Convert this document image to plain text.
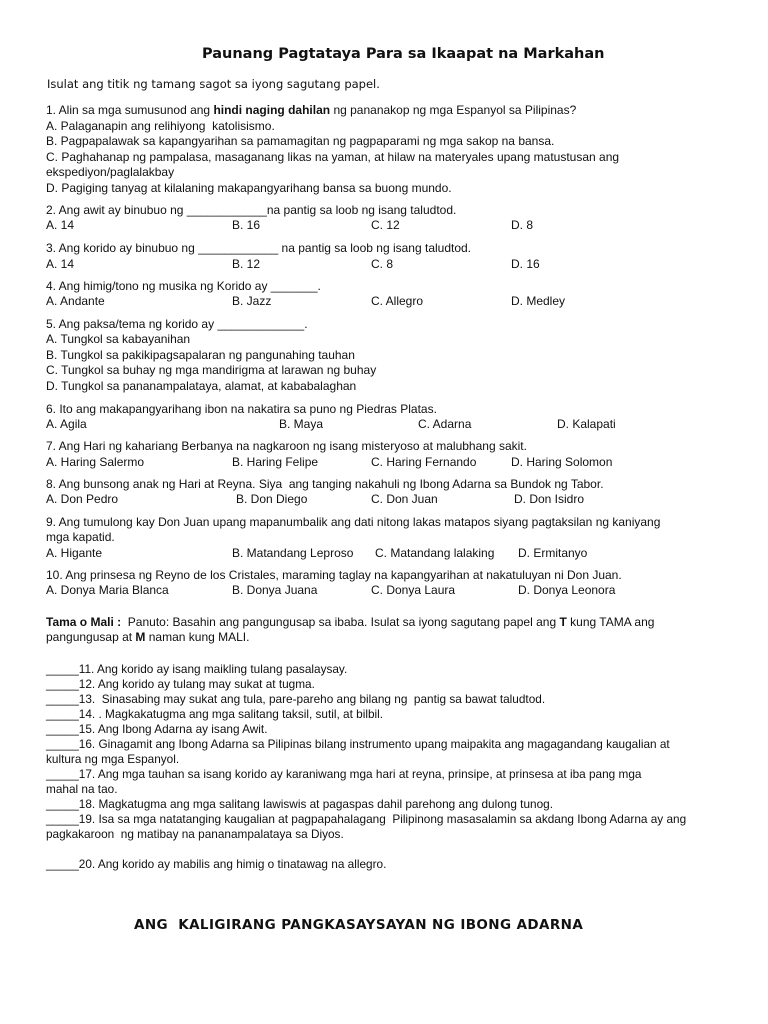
Paunang Pagtataya Para sa Ikaapat na Markahan
Isulat ang titik ng tamang sagot sa iyong sagutang papel.
1. Alin sa mga sumusunod ang hindi naging dahilan ng pananakop ng mga Espanyol sa Pilipinas?
A. Palaganapin ang relihiyong  katolisismo.
B. Pagpapalawak sa kapangyarihan sa pamamagitan ng pagpaparami ng mga sakop na bansa.
C. Paghahanap ng pampalasa, masaganang likas na yaman, at hilaw na materyales upang matustusan ang
ekspediyon/paglalakbay
D. Pagiging tanyag at kilalaning makapangyarihang bansa sa buong mundo.
2. Ang awit ay binubuo ng ____________na pantig sa loob ng isang taludtod.
A. 14	B. 16	C. 12	D. 8
3. Ang korido ay binubuo ng ____________ na pantig sa loob ng isang taludtod.
A. 14	B. 12	C. 8	D. 16
4. Ang himig/tono ng musika ng Korido ay _______.
A. Andante	B. Jazz	C. Allegro	D. Medley
5. Ang paksa/tema ng korido ay _____________.
A. Tungkol sa kabayanihan
B. Tungkol sa pakikipagsapalaran ng pangunahing tauhan
C. Tungkol sa buhay ng mga mandirigma at larawan ng buhay
D. Tungkol sa pananampalataya, alamat, at kababalaghan
6. Ito ang makapangyarihang ibon na nakatira sa puno ng Piedras Platas.
A. Agila	B. Maya	C. Adarna	D. Kalapati
7. Ang Hari ng kahariang Berbanya na nagkaroon ng isang misteryoso at malubhang sakit.
A. Haring Salermo	B. Haring Felipe	C. Haring Fernando	D. Haring Solomon
8. Ang bunsong anak ng Hari at Reyna. Siya  ang tanging nakahuli ng Ibong Adarna sa Bundok ng Tabor.
A. Don Pedro	B. Don Diego	C. Don Juan	D. Don Isidro
9. Ang tumulong kay Don Juan upang mapanumbalik ang dati nitong lakas matapos siyang pagtaksilan ng kaniyang
mga kapatid.
A. Higante	B. Matandang Leproso C. Matandang lalaking D. Ermitanyo
10. Ang prinsesa ng Reyno de los Cristales, maraming taglay na kapangyarihan at nakatuluyan ni Don Juan.
A. Donya Maria Blanca	B. Donya Juana	C. Donya Laura	D. Donya Leonora
Tama o Mali :  Panuto: Basahin ang pangungusap sa ibaba. Isulat sa iyong sagutang papel ang T kung TAMA ang
pangungusap at M naman kung MALI.
_____11. Ang korido ay isang maikling tulang pasalaysay.
_____12. Ang korido ay tulang may sukat at tugma.
_____13.  Sinasabing may sukat ang tula, pare-pareho ang bilang ng  pantig sa bawat taludtod.
_____14. . Magkakatugma ang mga salitang taksil, sutil, at bilbil.
_____15. Ang Ibong Adarna ay isang Awit.
_____16. Ginagamit ang Ibong Adarna sa Pilipinas bilang instrumento upang maipakita ang magagandang kaugalian at
kultura ng mga Espanyol.
_____17. Ang mga tauhan sa isang korido ay karaniwang mga hari at reyna, prinsipe, at prinsesa at iba pang mga
mahal na tao.
_____18. Magkatugma ang mga salitang lawiswis at pagaspas dahil parehong ang dulong tunog.
_____19. Isa sa mga natatanging kaugalian at pagpapahalagang  Pilipinong masasalamin sa akdang Ibong Adarna ay ang
pagkakaroon  ng matibay na pananampalataya sa Diyos.
_____20. Ang korido ay mabilis ang himig o tinatawag na allegro.
ANG  KALIGIRANG PANGKASAYSAYAN NG IBONG ADARNA
